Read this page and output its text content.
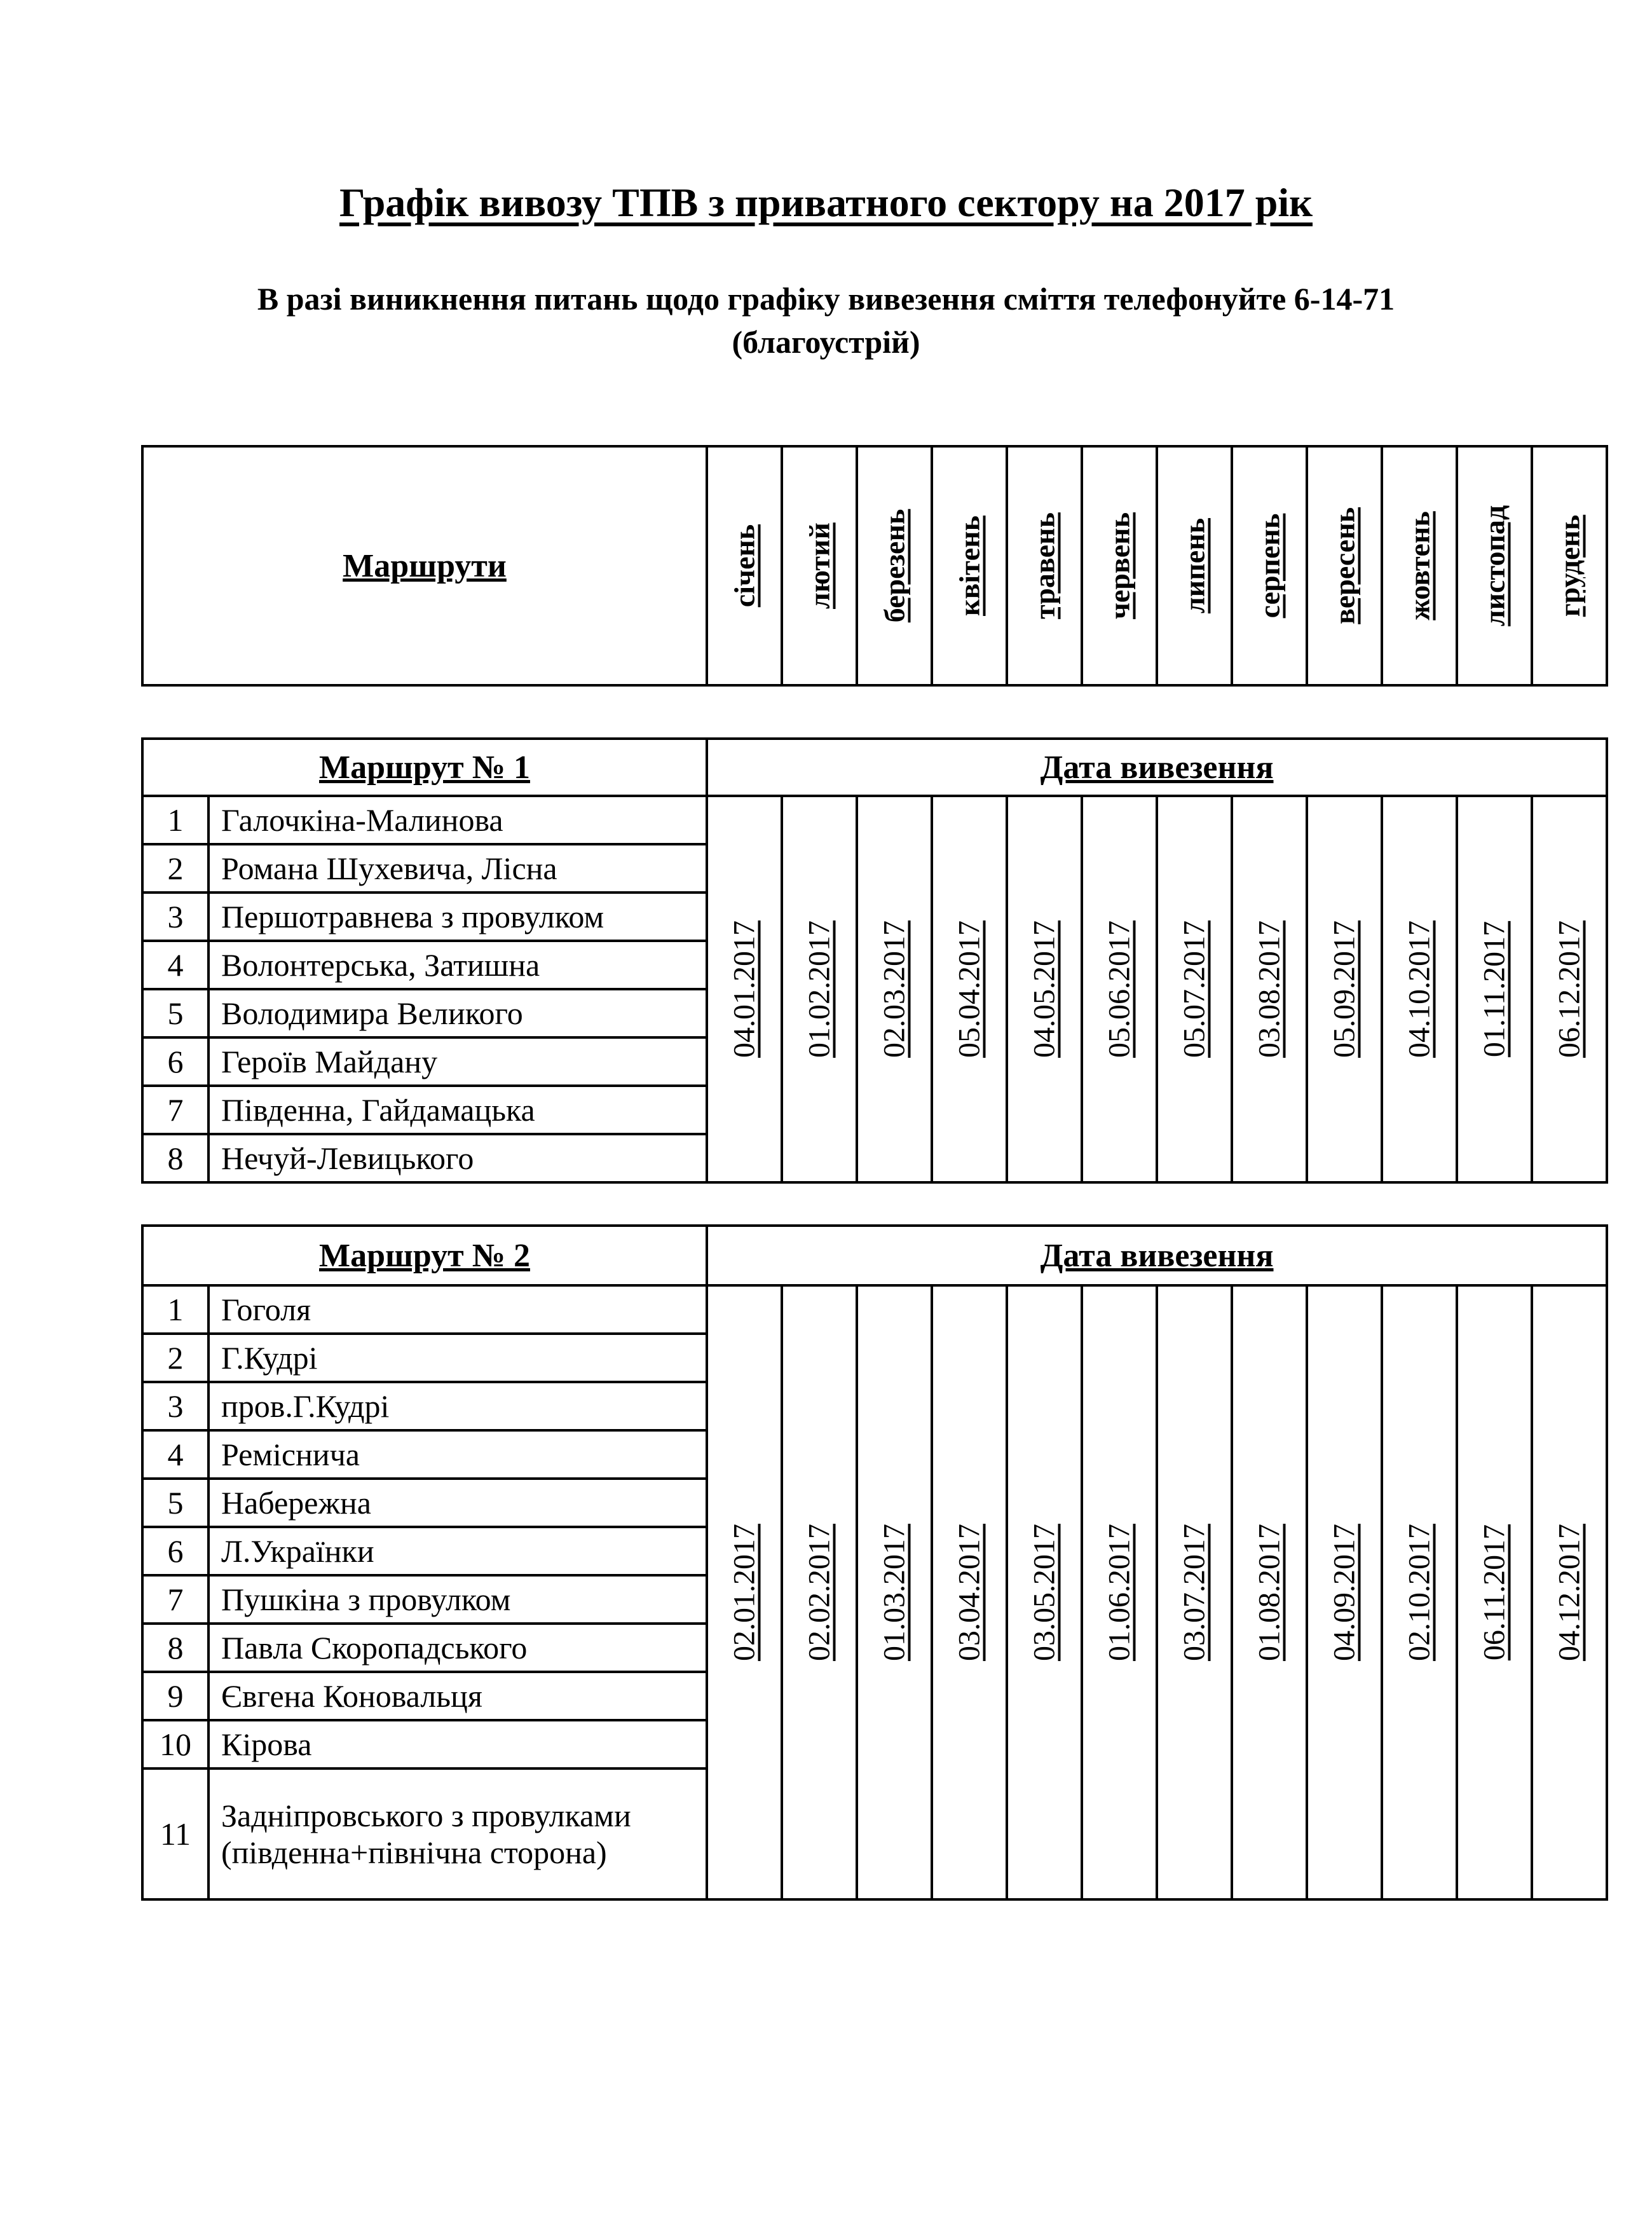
Графік вивозу ТПВ з приватного сектору на 2017 рік
В разі виникнення питань щодо графіку вивезення сміття телефонуйте 6-14-71
(благоустрій)
Маршрути	січень	лютий	березень	квітень	травень	червень	липень	серпень	вересень	жовтень	листопад	грудень
Маршрут № 1		Дата вивезення											
1	Галочкіна-Малинова	04.01.2017	01.02.2017	02.03.2017	05.04.2017	04.05.2017	05.06.2017	05.07.2017	03.08.2017	05.09.2017	04.10.2017	01.11.2017	06.12.2017

2	Романа Шухевича, Лісна												
3	Першотравнева з провулком												
4	Волонтерська, Затишна												
5	Володимира Великого												
6	Героїв Майдану												
7	Південна, Гайдамацька												
8	Нечуй-Левицького												
Маршрут № 2		Дата вивезення											
1	Гоголя	02.01.2017	02.02.2017	01.03.2017	03.04.2017	03.05.2017	01.06.2017	03.07.2017	01.08.2017	04.09.2017	02.10.2017	06.11.2017	04.12.2017

2	Г.Кудрі												
3	пров.Г.Кудрі												
4	Реміснича												
5	Набережна												
6	Л.Українки												
7	Пушкіна з провулком												
8	Павла Скоропадського												
9	Євгена Коновальця												
10	Кірова												
11	Задніпровського з провулками (південна+північна сторона)												
